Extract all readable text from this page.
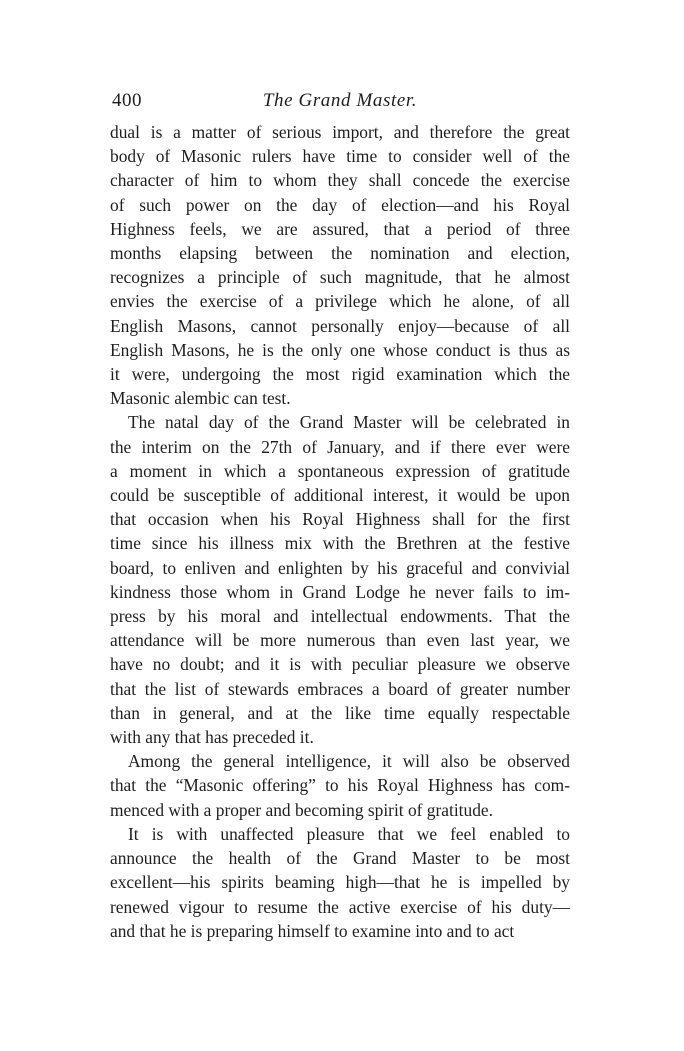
400	The Grand Master.
dual is a matter of serious import, and therefore the great
body of Masonic rulers have time to consider well of the
character of him to whom they shall concede the exercise
of such power on the day of election—and his Royal
Highness feels, we are assured, that a period of three
months elapsing between the nomination and election,
recognizes a principle of such magnitude, that he almost
envies the exercise of a privilege which he alone, of all
English Masons, cannot personally enjoy—because of all
English Masons, he is the only one whose conduct is thus as
it were, undergoing the most rigid examination which the
Masonic alembic can test.
The natal day of the Grand Master will be celebrated in
the interim on the 27th of January, and if there ever were
a moment in which a spontaneous expression of gratitude
could be susceptible of additional interest, it would be upon
that occasion when his Royal Highness shall for the first
time since his illness mix with the Brethren at the festive
board, to enliven and enlighten by his graceful and convivial
kindness those whom in Grand Lodge he never fails to im-
press by his moral and intellectual endowments. That the
attendance will be more numerous than even last year, we
have no doubt; and it is with peculiar pleasure we observe
that the list of stewards embraces a board of greater number
than in general, and at the like time equally respectable
with any that has preceded it.
Among the general intelligence, it will also be observed
that the “Masonic offering” to his Royal Highness has com-
menced with a proper and becoming spirit of gratitude.
It is with unaffected pleasure that we feel enabled to
announce the health of the Grand Master to be most
excellent—his spirits beaming high—that he is impelled by
renewed vigour to resume the active exercise of his duty—
and that he is preparing himself to examine into and to act
